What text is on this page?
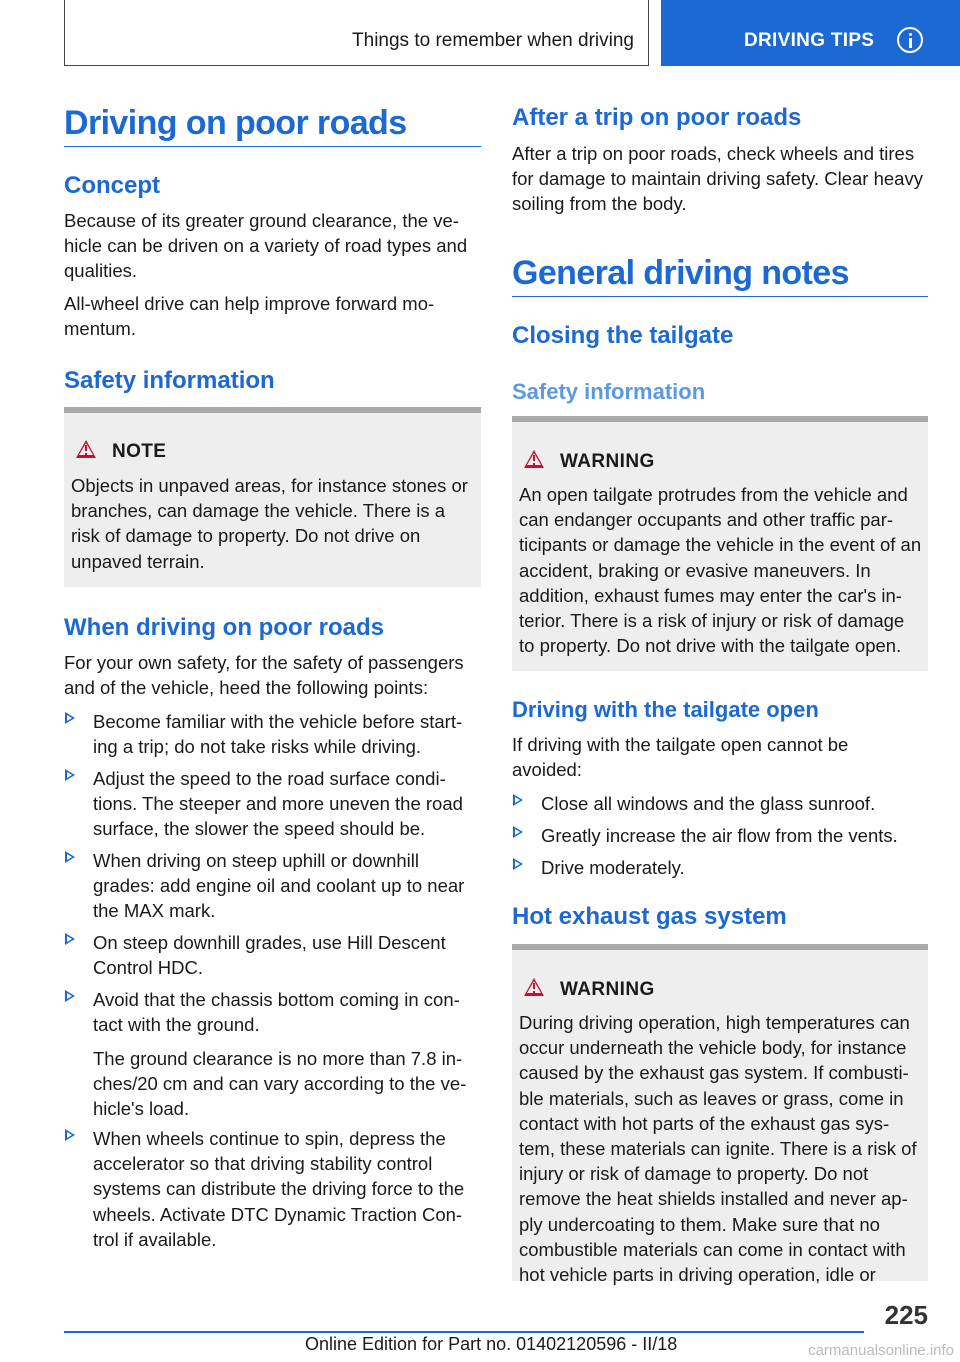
Things to remember when driving	DRIVING TIPS
Driving on poor roads
Concept
Because of its greater ground clearance, the ve‐ hicle can be driven on a variety of road types and qualities.
All-wheel drive can help improve forward mo‐ mentum.
Safety information
NOTE
Objects in unpaved areas, for instance stones or branches, can damage the vehicle. There is a risk of damage to property. Do not drive on unpaved terrain.
When driving on poor roads
For your own safety, for the safety of passengers and of the vehicle, heed the following points:
Become familiar with the vehicle before start‐ ing a trip; do not take risks while driving.
Adjust the speed to the road surface condi‐ tions. The steeper and more uneven the road surface, the slower the speed should be.
When driving on steep uphill or downhill grades: add engine oil and coolant up to near the MAX mark.
On steep downhill grades, use Hill Descent Control HDC.
Avoid that the chassis bottom coming in con‐ tact with the ground.
The ground clearance is no more than 7.8 in‐ ches/20 cm and can vary according to the ve‐ hicle's load.
When wheels continue to spin, depress the accelerator so that driving stability control systems can distribute the driving force to the wheels. Activate DTC Dynamic Traction Con‐ trol if available.
After a trip on poor roads
After a trip on poor roads, check wheels and tires for damage to maintain driving safety. Clear heavy soiling from the body.
General driving notes
Closing the tailgate
Safety information
WARNING
An open tailgate protrudes from the vehicle and can endanger occupants and other traffic par‐ ticipants or damage the vehicle in the event of an accident, braking or evasive maneuvers. In addition, exhaust fumes may enter the car's in‐ terior. There is a risk of injury or risk of damage to property. Do not drive with the tailgate open.
Driving with the tailgate open
If driving with the tailgate open cannot be avoided:
Close all windows and the glass sunroof.
Greatly increase the air flow from the vents.
Drive moderately.
Hot exhaust gas system
WARNING
During driving operation, high temperatures can occur underneath the vehicle body, for instance caused by the exhaust gas system. If combusti‐ ble materials, such as leaves or grass, come in contact with hot parts of the exhaust gas sys‐ tem, these materials can ignite. There is a risk of injury or risk of damage to property. Do not remove the heat shields installed and never ap‐ ply undercoating to them. Make sure that no combustible materials can come in contact with hot vehicle parts in driving operation, idle or
225
Online Edition for Part no. 01402120596 - II/18	carmanualsonline.info
